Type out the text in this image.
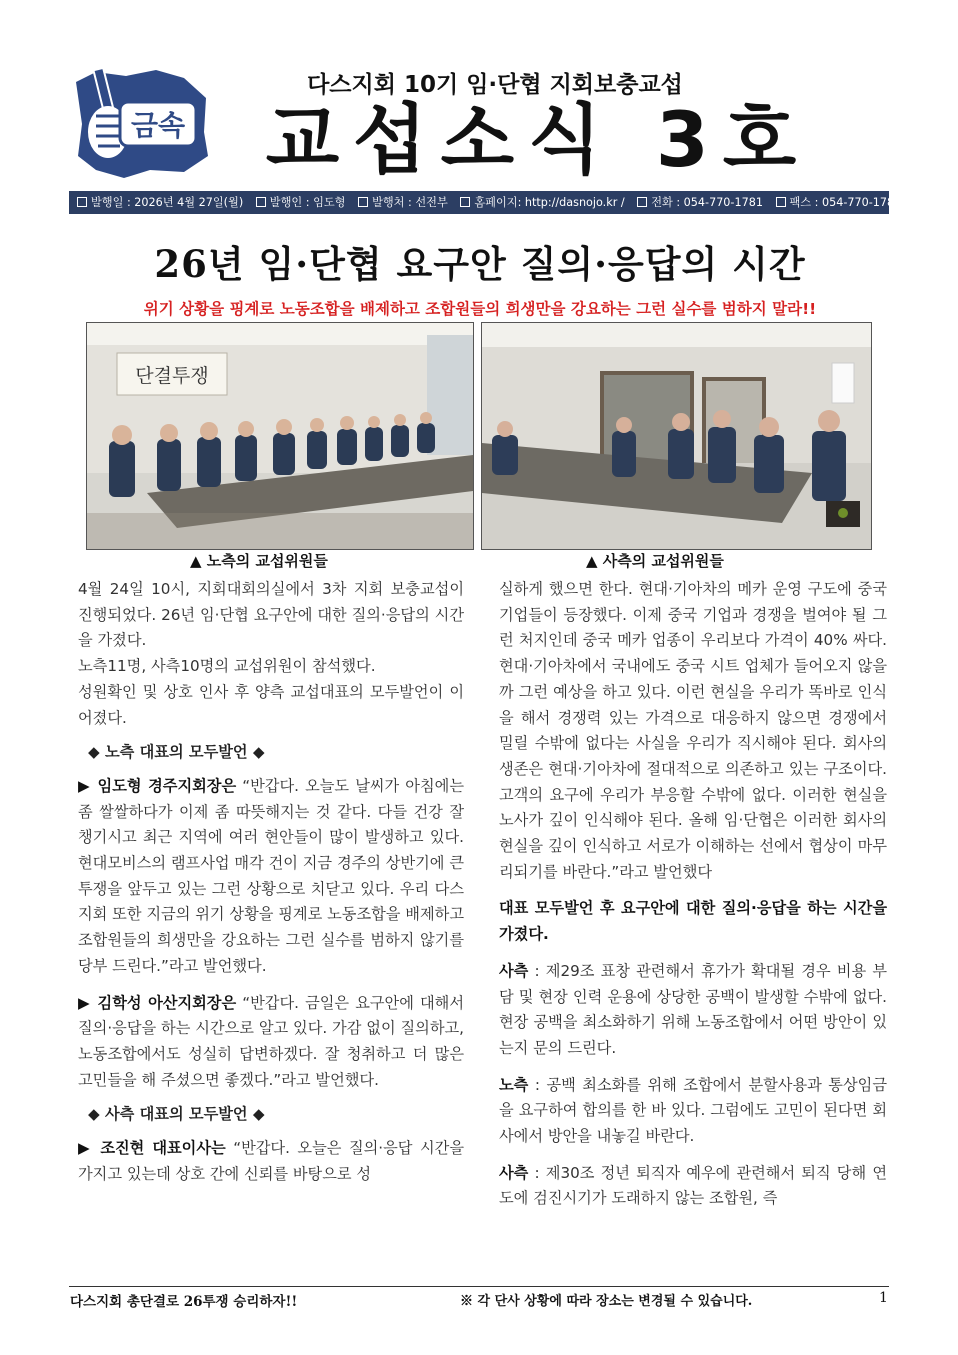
금속
다스지회 10기 임·단협 지회보충교섭
교섭소식 3호
발행일 : 2026년 4월 27일(월) 발행인 : 임도형 발행처 : 선전부 홈페이지: http://dasnojo.kr / 전화 : 054-770-1781 팩스 : 054-770-1780
26년 임·단협 요구안 질의·응답의 시간
위기 상황을 핑계로 노동조합을 배제하고 조합원들의 희생만을 강요하는 그런 실수를 범하지 말라!!
단결투쟁
▲ 노측의 교섭위원들	▲ 사측의 교섭위원들

4월 24일 10시, 지회대회의실에서 3차 지회 보충교섭이 진행되었다. 26년 임·단협 요구안에 대한 질의·응답의 시간을 가졌다.

노측11명, 사측10명의 교섭위원이 참석했다.

성원확인 및 상호 인사 후 양측 교섭대표의 모두발언이 이어졌다.

◆ 노측 대표의 모두발언 ◆

▶ 임도형 경주지회장은 “반갑다. 오늘도 날씨가 아침에는 좀 쌀쌀하다가 이제 좀 따뜻해지는 것 같다. 다들 건강 잘 챙기시고 최근 지역에 여러 현안들이 많이 발생하고 있다. 현대모비스의 램프사업 매각 건이 지금 경주의 상반기에 큰 투쟁을 앞두고 있는 그런 상황으로 치닫고 있다. 우리 다스지회 또한 지금의 위기 상황을 핑계로 노동조합을 배제하고 조합원들의 희생만을 강요하는 그런 실수를 범하지 않기를 당부 드린다.”라고 발언했다.

▶ 김학성 아산지회장은 “반갑다. 금일은 요구안에 대해서 질의·응답을 하는 시간으로 알고 있다. 가감 없이 질의하고, 노동조합에서도 성실히 답변하겠다. 잘 청취하고 더 많은 고민들을 해 주셨으면 좋겠다.”라고 발언했다.

◆ 사측 대표의 모두발언 ◆

▶ 조진현 대표이사는 “반갑다. 오늘은 질의·응답 시간을 가지고 있는데 상호 간에 신뢰를 바탕으로 성

실하게 했으면 한다. 현대·기아차의 메카 운영 구도에 중국 기업들이 등장했다. 이제 중국 기업과 경쟁을 벌여야 될 그런 처지인데 중국 메카 업종이 우리보다 가격이 40% 싸다. 현대·기아차에서 국내에도 중국 시트 업체가 들어오지 않을까 그런 예상을 하고 있다. 이런 현실을 우리가 똑바로 인식을 해서 경쟁력 있는 가격으로 대응하지 않으면 경쟁에서 밀릴 수밖에 없다는 사실을 우리가 직시해야 된다. 회사의 생존은 현대·기아차에 절대적으로 의존하고 있는 구조이다. 고객의 요구에 우리가 부응할 수밖에 없다. 이러한 현실을 노사가 깊이 인식해야 된다. 올해 임·단협은 이러한 회사의 현실을 깊이 인식하고 서로가 이해하는 선에서 협상이 마무리되기를 바란다.”라고 발언했다

대표 모두발언 후 요구안에 대한 질의·응답을 하는 시간을 가졌다.

사측 : 제29조 표창 관련해서 휴가가 확대될 경우 비용 부담 및 현장 인력 운용에 상당한 공백이 발생할 수밖에 없다. 현장 공백을 최소화하기 위해 노동조합에서 어떤 방안이 있는지 문의 드린다.

노측 : 공백 최소화를 위해 조합에서 분할사용과 통상임금을 요구하여 합의를 한 바 있다. 그럼에도 고민이 된다면 회사에서 방안을 내놓길 바란다.

사측 : 제30조 정년 퇴직자 예우에 관련해서 퇴직 당해 연도에 검진시기가 도래하지 않는 조합원, 즉

다스지회 총단결로 26투쟁 승리하자!!	※ 각 단사 상황에 따라 장소는 변경될 수 있습니다.	1
